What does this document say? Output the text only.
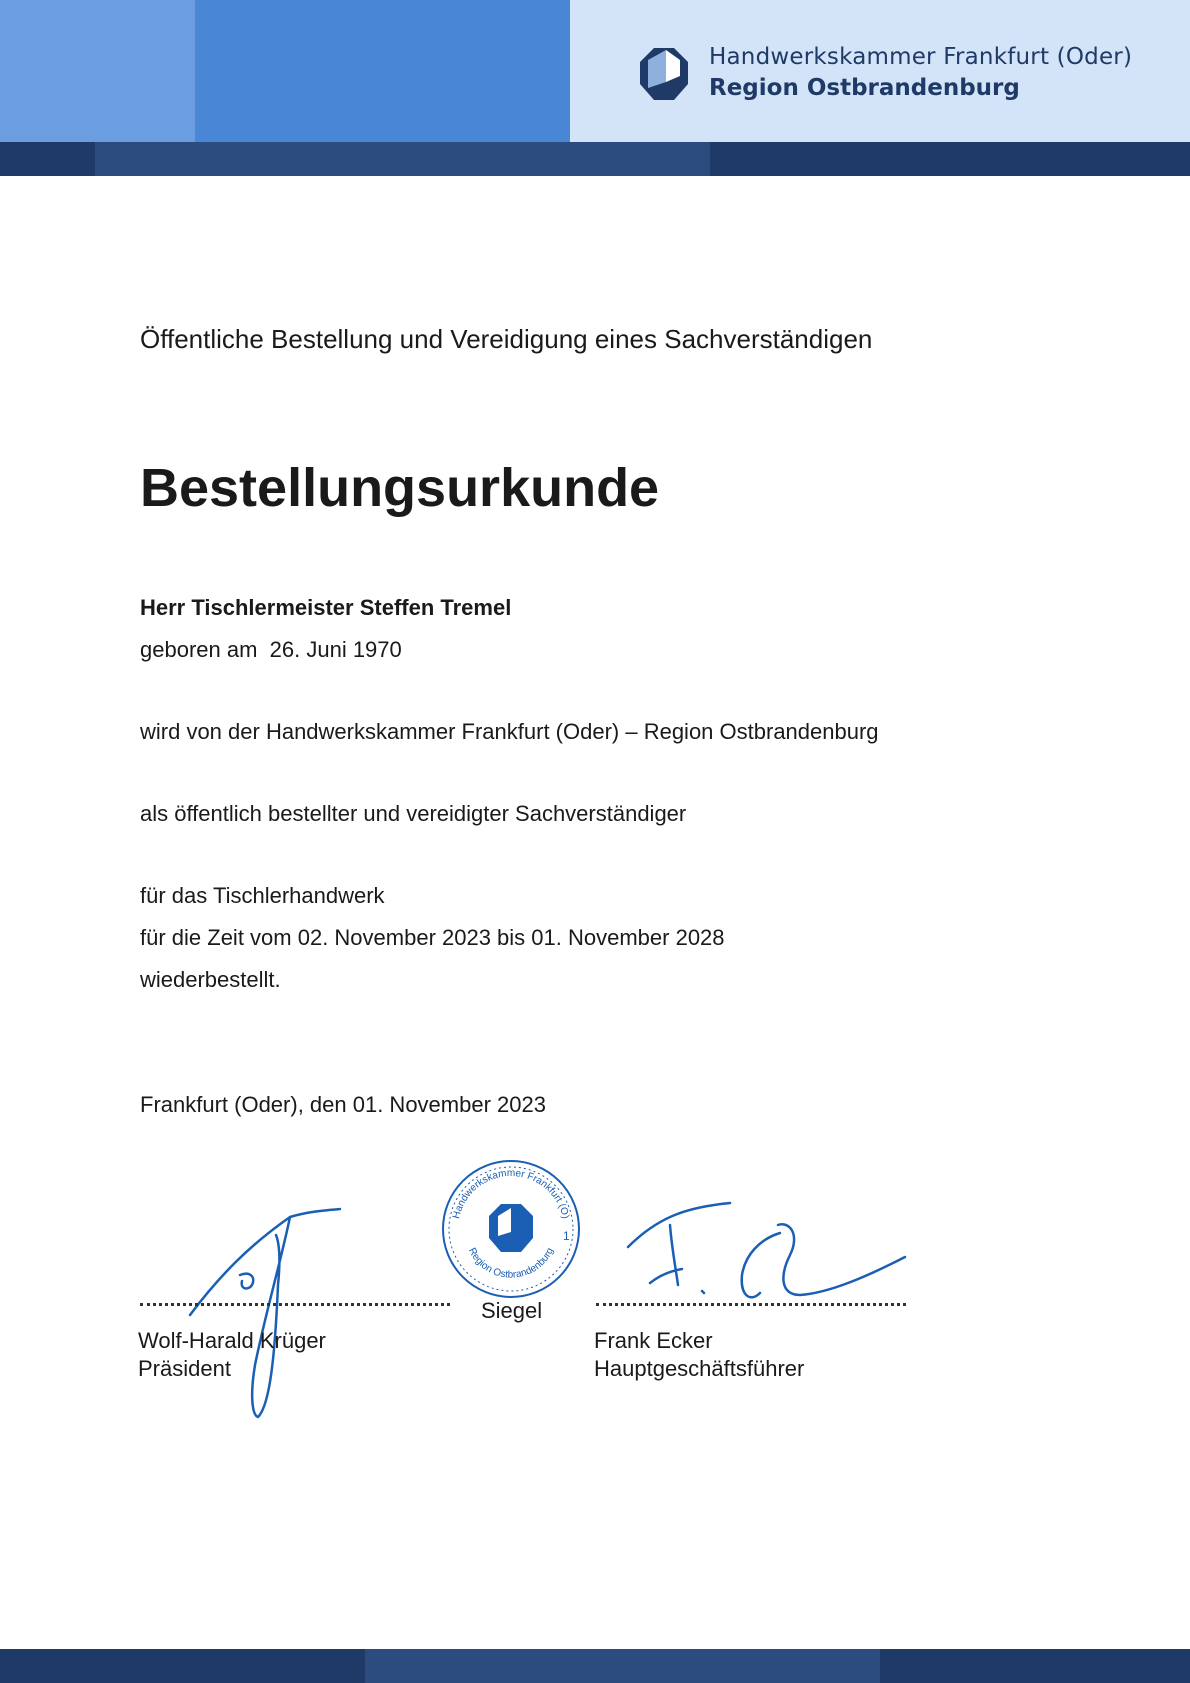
Handwerkskammer Frankfurt (Oder)
Region Ostbrandenburg
Öffentliche Bestellung und Vereidigung eines Sachverständigen
Bestellungsurkunde
Herr Tischlermeister Steffen Tremel
geboren am 26. Juni 1970
wird von der Handwerkskammer Frankfurt (Oder) – Region Ostbrandenburg
als öffentlich bestellter und vereidigter Sachverständiger
für das Tischlerhandwerk
für die Zeit vom 02. November 2023 bis 01. November 2028
wiederbestellt.
Frankfurt (Oder), den 01. November 2023
Wolf-Harald Krüger
Präsident
Handwerkskammer Frankfurt (O)
Region Ostbrandenburg
1
Siegel
Frank Ecker
Hauptgeschäftsführer
